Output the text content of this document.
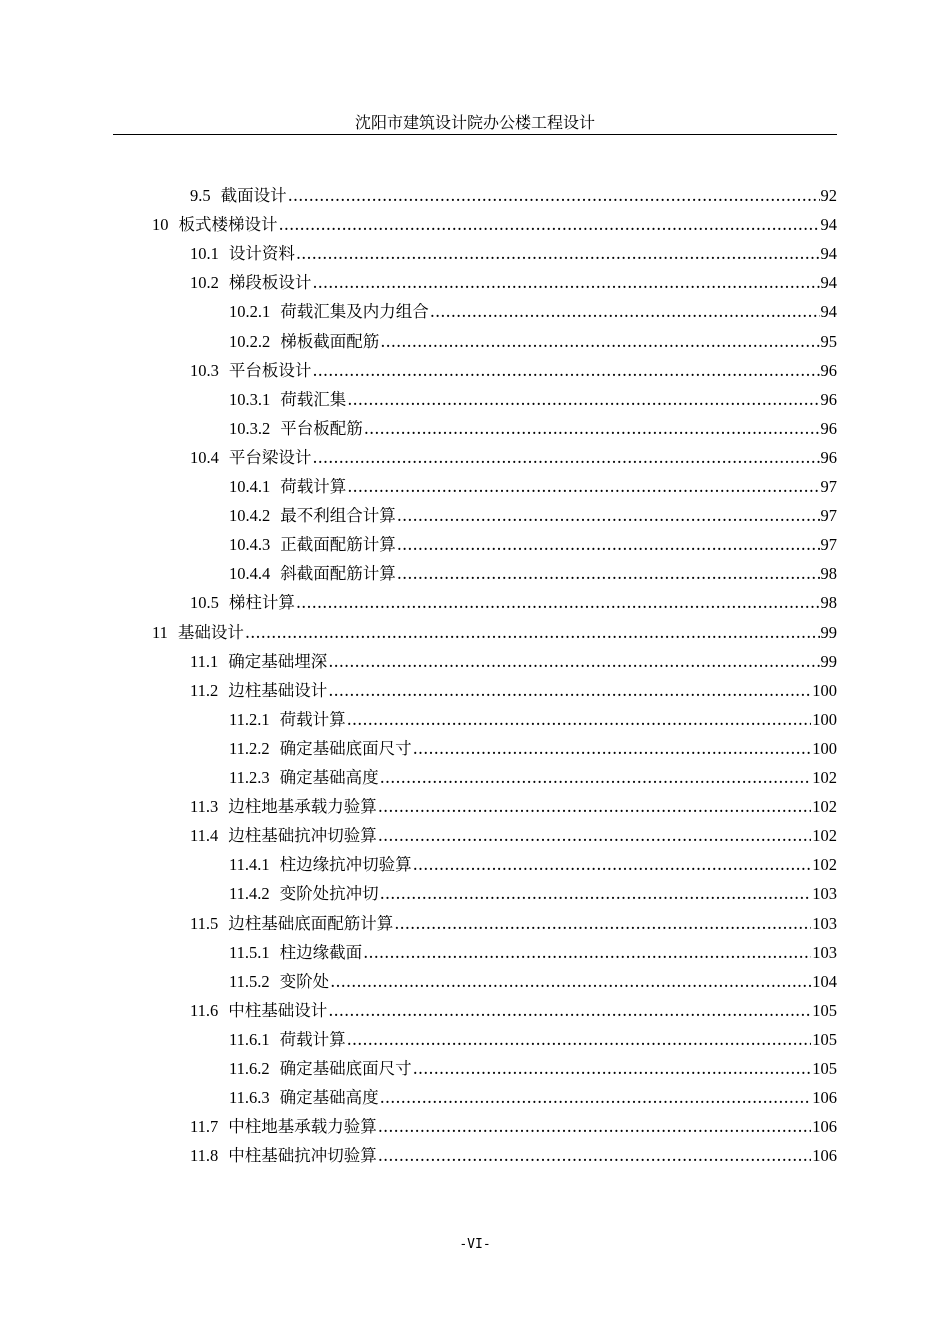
沈阳市建筑设计院办公楼工程设计
9.5 截面设计 .....	92
10 板式楼梯设计 .....	94
10.1 设计资料 .....	94
10.2 梯段板设计 .....	94
10.2.1 荷载汇集及内力组合 .....	94
10.2.2 梯板截面配筋 .....	95
10.3 平台板设计 .....	96
10.3.1 荷载汇集 .....	96
10.3.2 平台板配筋 .....	96
10.4 平台梁设计 .....	96
10.4.1 荷载计算 .....	97
10.4.2 最不利组合计算 .....	97
10.4.3 正截面配筋计算 .....	97
10.4.4 斜截面配筋计算 .....	98
10.5 梯柱计算 .....	98
11 基础设计 .....	99
11.1 确定基础埋深 .....	99
11.2 边柱基础设计 .....	100
11.2.1 荷载计算 .....	100
11.2.2 确定基础底面尺寸 .....	100
11.2.3 确定基础高度 .....	102
11.3 边柱地基承载力验算 .....	102
11.4 边柱基础抗冲切验算 .....	102
11.4.1 柱边缘抗冲切验算 .....	102
11.4.2 变阶处抗冲切 .....	103
11.5 边柱基础底面配筋计算 .....	103
11.5.1 柱边缘截面 .....	103
11.5.2 变阶处 .....	104
11.6 中柱基础设计 .....	105
11.6.1 荷载计算 .....	105
11.6.2 确定基础底面尺寸 .....	105
11.6.3 确定基础高度 .....	106
11.7 中柱地基承载力验算 .....	106
11.8 中柱基础抗冲切验算 .....	106
-VI-
